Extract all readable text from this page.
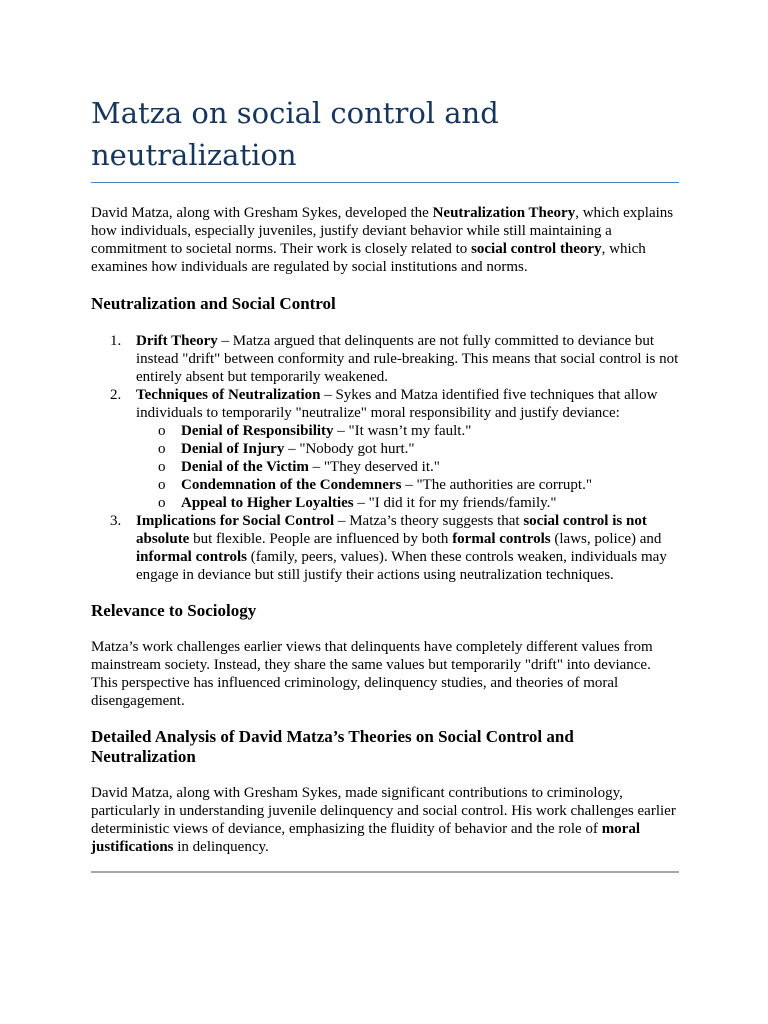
Matza on social control and neutralization

David Matza, along with Gresham Sykes, developed the Neutralization Theory, which explains how individuals, especially juveniles, justify deviant behavior while still maintaining a commitment to societal norms. Their work is closely related to social control theory, which examines how individuals are regulated by social institutions and norms.

Neutralization and Social Control
1. Drift Theory – Matza argued that delinquents are not fully committed to deviance but instead "drift" between conformity and rule-breaking. This means that social control is not entirely absent but temporarily weakened.
2. Techniques of Neutralization – Sykes and Matza identified five techniques that allow individuals to temporarily "neutralize" moral responsibility and justify deviance:
o Denial of Responsibility – "It wasn’t my fault."
o Denial of Injury – "Nobody got hurt."
o Denial of the Victim – "They deserved it."
o Condemnation of the Condemners – "The authorities are corrupt."
o Appeal to Higher Loyalties – "I did it for my friends/family."
3. Implications for Social Control – Matza’s theory suggests that social control is not absolute but flexible. People are influenced by both formal controls (laws, police) and informal controls (family, peers, values). When these controls weaken, individuals may engage in deviance but still justify their actions using neutralization techniques.
Relevance to Sociology

Matza’s work challenges earlier views that delinquents have completely different values from mainstream society. Instead, they share the same values but temporarily "drift" into deviance. This perspective has influenced criminology, delinquency studies, and theories of moral disengagement.

Detailed Analysis of David Matza’s Theories on Social Control and Neutralization

David Matza, along with Gresham Sykes, made significant contributions to criminology, particularly in understanding juvenile delinquency and social control. His work challenges earlier deterministic views of deviance, emphasizing the fluidity of behavior and the role of moral justifications in delinquency.
